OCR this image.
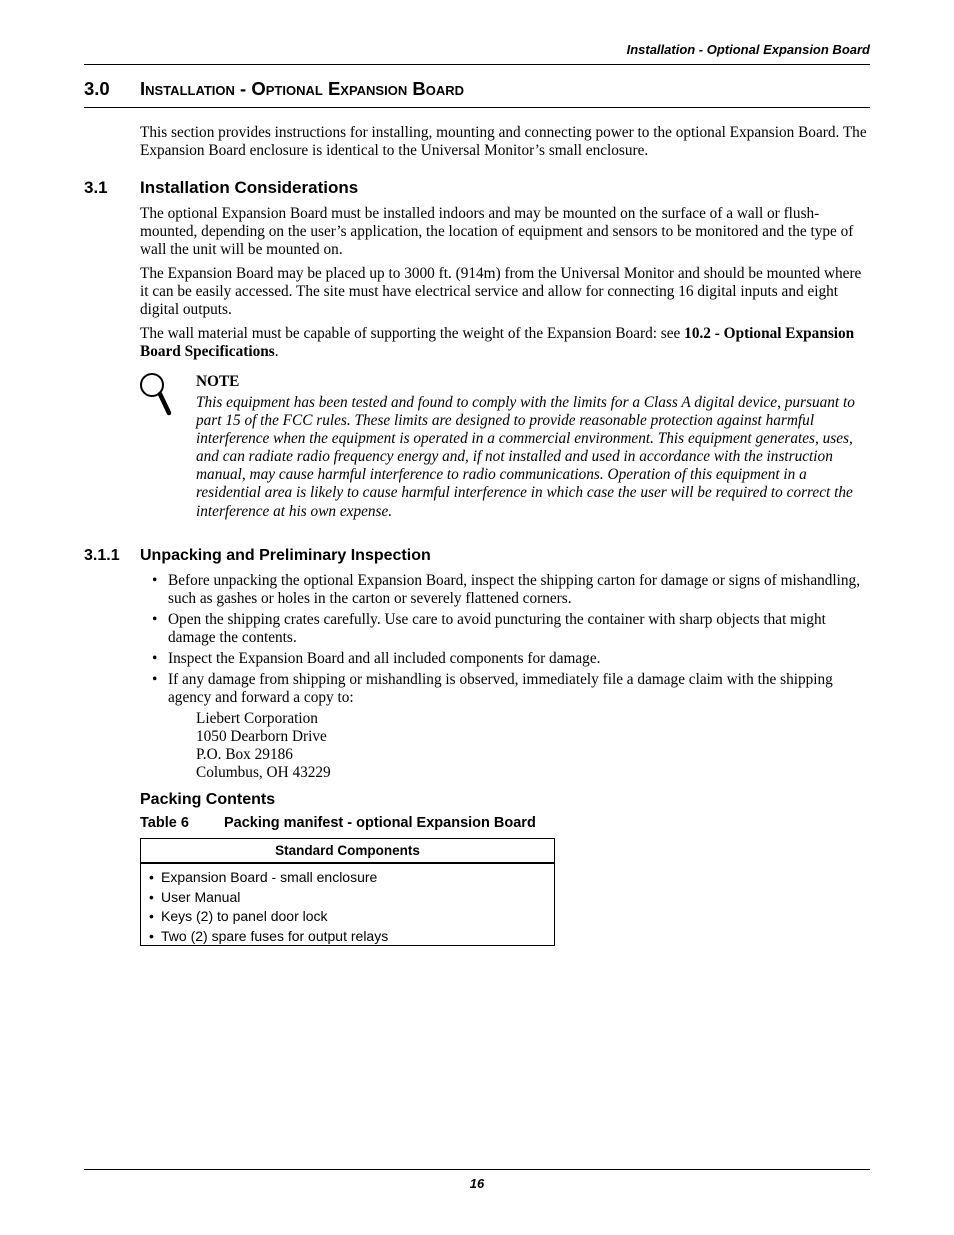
Installation - Optional Expansion Board
3.0 Installation - Optional Expansion Board
This section provides instructions for installing, mounting and connecting power to the optional Expansion Board. The Expansion Board enclosure is identical to the Universal Monitor’s small enclosure.
3.1 Installation Considerations
The optional Expansion Board must be installed indoors and may be mounted on the surface of a wall or flush-mounted, depending on the user’s application, the location of equipment and sensors to be monitored and the type of wall the unit will be mounted on.
The Expansion Board may be placed up to 3000 ft. (914m) from the Universal Monitor and should be mounted where it can be easily accessed. The site must have electrical service and allow for connecting 16 digital inputs and eight digital outputs.
The wall material must be capable of supporting the weight of the Expansion Board: see 10.2 - Optional Expansion Board Specifications.
NOTE
This equipment has been tested and found to comply with the limits for a Class A digital device, pursuant to part 15 of the FCC rules. These limits are designed to provide reasonable protection against harmful interference when the equipment is operated in a commercial environment. This equipment generates, uses, and can radiate radio frequency energy and, if not installed and used in accordance with the instruction manual, may cause harmful interference to radio communications. Operation of this equipment in a residential area is likely to cause harmful interference in which case the user will be required to correct the interference at his own expense.
3.1.1 Unpacking and Preliminary Inspection
• Before unpacking the optional Expansion Board, inspect the shipping carton for damage or signs of mishandling, such as gashes or holes in the carton or severely flattened corners.
• Open the shipping crates carefully. Use care to avoid puncturing the container with sharp objects that might damage the contents.
• Inspect the Expansion Board and all included components for damage.
• If any damage from shipping or mishandling is observed, immediately file a damage claim with the shipping agency and forward a copy to:
Liebert Corporation
1050 Dearborn Drive
P.O. Box 29186
Columbus, OH 43229
Packing Contents
Table 6 Packing manifest - optional Expansion Board
Standard Components
• Expansion Board - small enclosure
• User Manual
• Keys (2) to panel door lock
• Two (2) spare fuses for output relays
16
